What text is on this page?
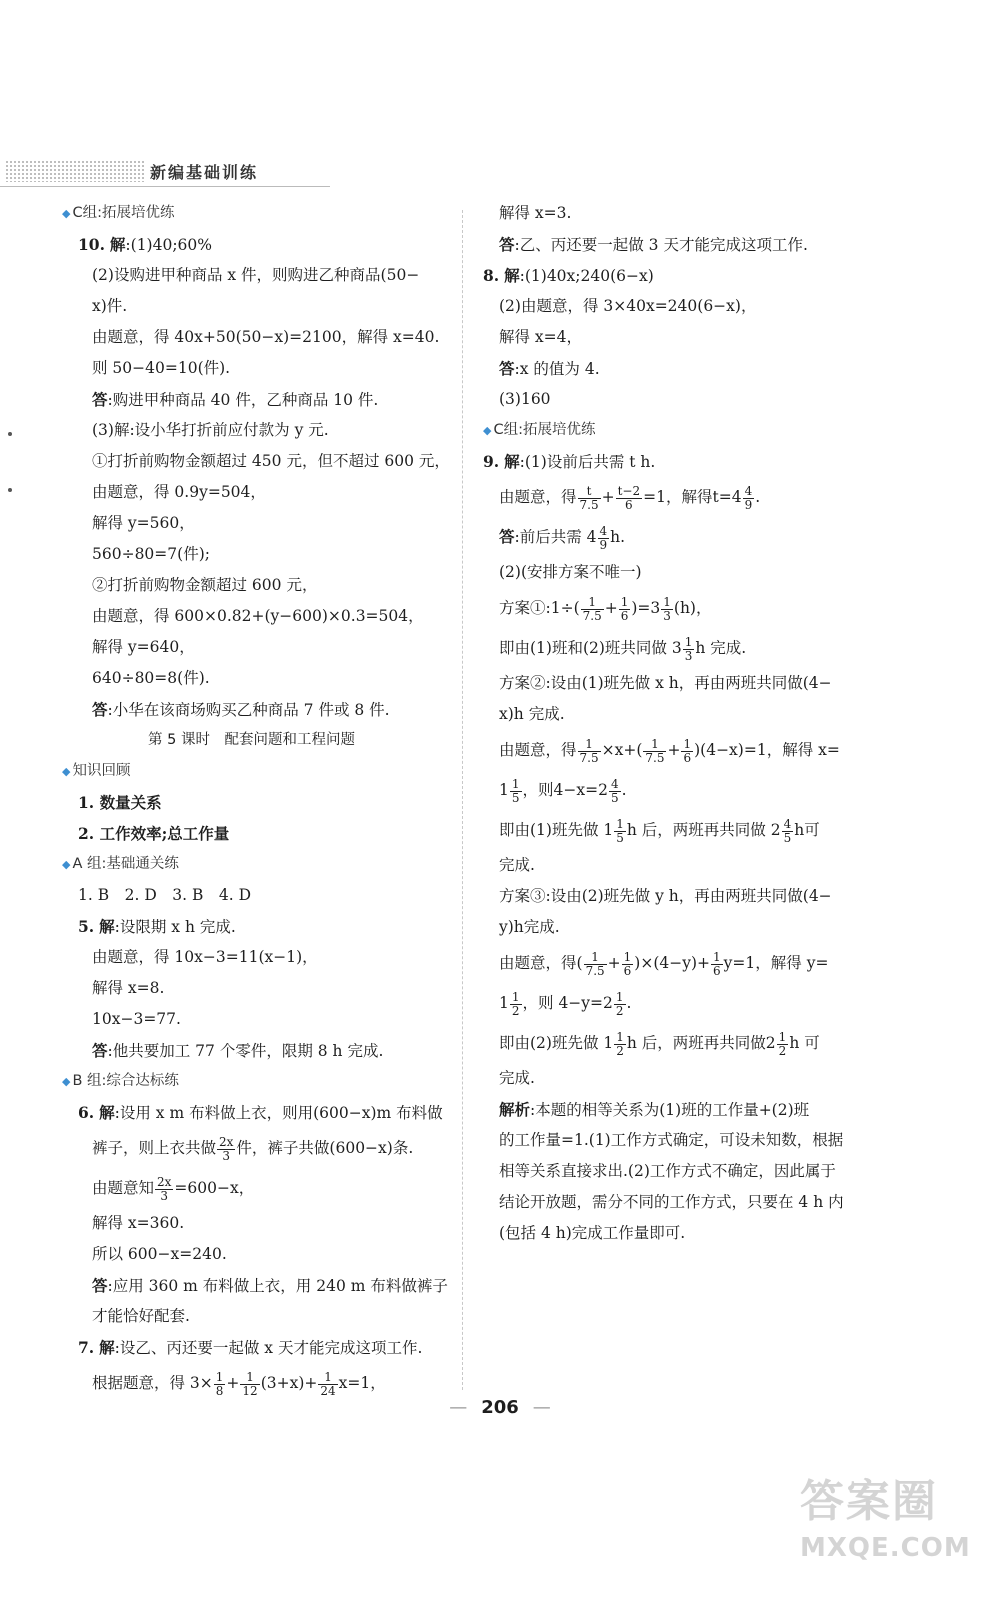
新编基础训练
◆ C组:拓展培优练
10. 解:(1)40;60%
(2)设购进甲种商品 x 件，则购进乙种商品(50−
x)件.
由题意，得 40x+50(50−x)=2100，解得 x=40.
则 50−40=10(件).
答:购进甲种商品 40 件，乙种商品 10 件.
(3)解:设小华打折前应付款为 y 元.
①打折前购物金额超过 450 元，但不超过 600 元，
由题意，得 0.9y=504，
解得 y=560，
560÷80=7(件);
②打折前购物金额超过 600 元，
由题意，得 600×0.82+(y−600)×0.3=504，
解得 y=640，
640÷80=8(件).
答:小华在该商场购买乙种商品 7 件或 8 件.
第 5 课时　配套问题和工程问题
◆ 知识回顾
1. 数量关系
2. 工作效率;总工作量
◆ A 组:基础通关练
1. B　2. D　3. B　4. D
5. 解:设限期 x h 完成.
由题意，得 10x−3=11(x−1)，
解得 x=8.
10x−3=77.
答:他共要加工 77 个零件，限期 8 h 完成.
◆ B 组:综合达标练
6. 解:设用 x m 布料做上衣，则用(600−x)m 布料做
裤子，则上衣共做 $\frac{2x}{3}$ 件，裤子共做(600−x)条.
由题意知 $\frac{2x}{3} =600-x$，
解得 x=360.
所以 600−x=240.
答:应用 360 m 布料做上衣，用 240 m 布料做裤子
才能恰好配套.
7. 解:设乙、丙还要一起做 x 天才能完成这项工作.
根据题意，得 $3\times \frac{1}{8} + \frac{1}{12} (3+x)+ \frac{1}{24} x=1$，
解得 x=3.
答:乙、丙还要一起做 3 天才能完成这项工作.
8. 解:(1)40x;240(6−x)
(2)由题意，得 3×40x=240(6−x)，
解得 x=4，
答:x 的值为 4.
(3)160
◆ C组:拓展培优练
9. 解:(1)设前后共需 t h.
由题意，得 $\frac{t}{7.5} + \frac{t-2}{6} =1$，解得$t=4 \frac{4}{9}$ .
答:前后共需 $4 \frac{4}{9} h$.
(2)(安排方案不唯一)
方案①:1÷( $\frac{1}{7.5} + \frac{1}{6} )=3 \frac{1}{3} (h)$，
即由(1)班和(2)班共同做 $3 \frac{1}{3}$ h 完成.
方案②:设由(1)班先做 x h，再由两班共同做(4−
x)h 完成.
由题意，得 $\frac{1}{7.5} \times x+( \frac{1}{7.5} + \frac{1}{6} )(4-x)=1$，解得 x=
$1 \frac{1}{5}$ ，则$4-x=2 \frac{4}{5}$ .
即由(1)班先做 $1 \frac{1}{5}$ h 后，两班再共同做 $2 \frac{4}{5}$ h可
完成.
方案③:设由(2)班先做 y h，再由两班共同做(4−
y)h完成.
由题意，得( $\frac{1}{7.5} + \frac{1}{6} )\times(4-y)+ \frac{1}{6} y=1$，解得 y=
$1 \frac{1}{2}$ ，则 $4-y=2 \frac{1}{2}$ .
即由(2)班先做 $1 \frac{1}{2}$ h 后，两班再共同做$2 \frac{1}{2}$ h 可
完成.
解析:本题的相等关系为(1)班的工作量+(2)班
的工作量=1.(1)工作方式确定，可设未知数，根据
相等关系直接求出.(2)工作方式不确定，因此属于
结论开放题，需分不同的工作方式，只要在 4 h 内
(包括 4 h)完成工作量即可.
— 206 —
答案圈
MXQE.COM
